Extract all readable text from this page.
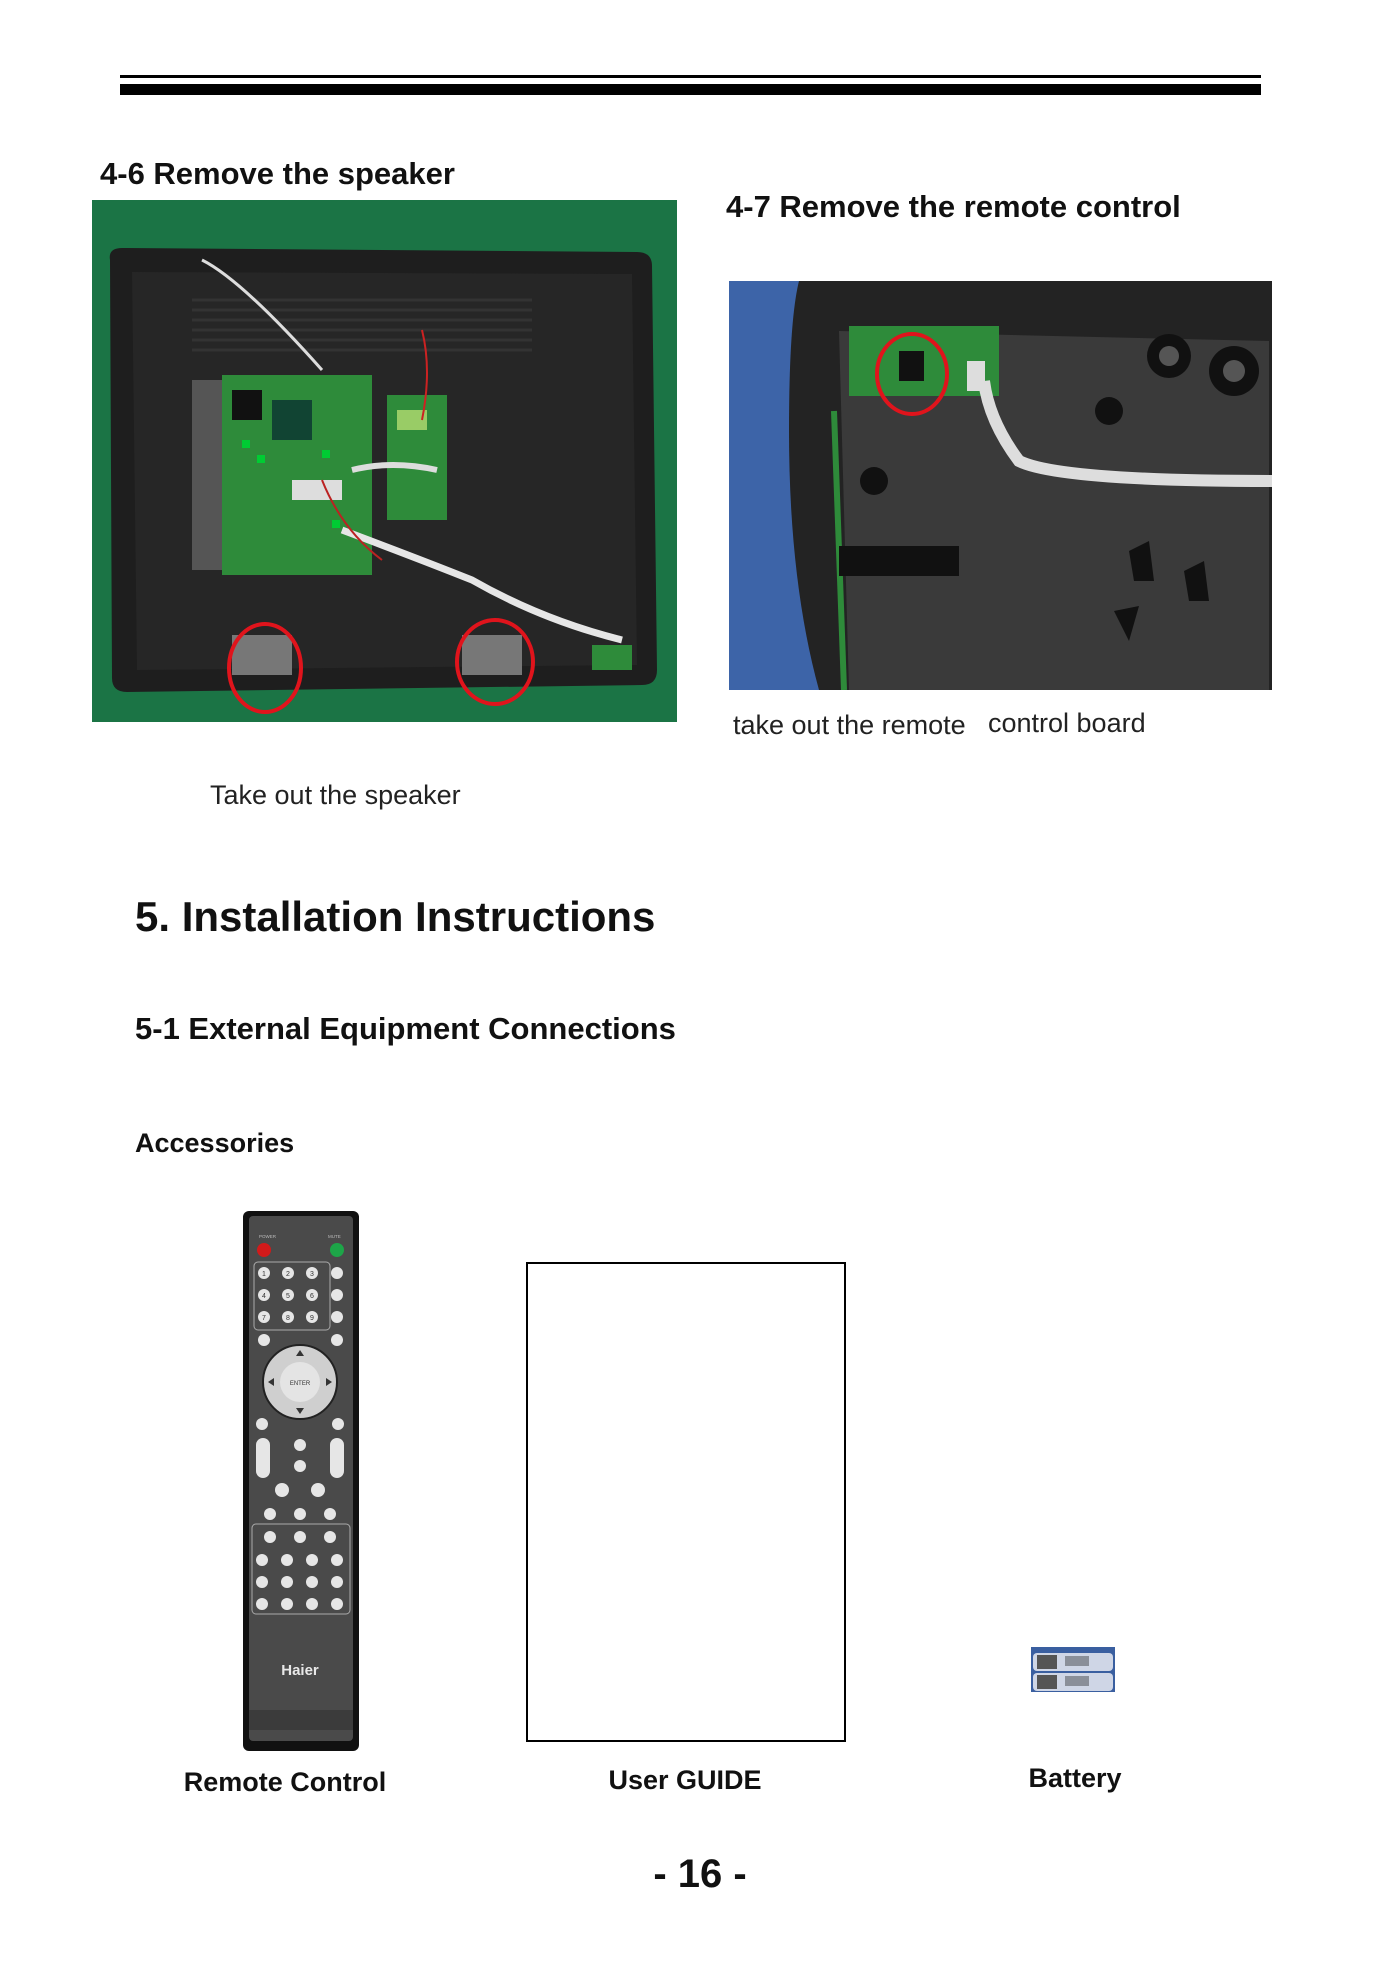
4-6 Remove the speaker
Take out the speaker
4-7 Remove the remote control
take out the remote control board
5. Installation Instructions
5-1 External Equipment Connections
Accessories
POWER	MUTE
1	2	3
4	5	6
7	8	9
ENTER
Haier
Remote Control	User GUIDE	Battery
- 16 -
